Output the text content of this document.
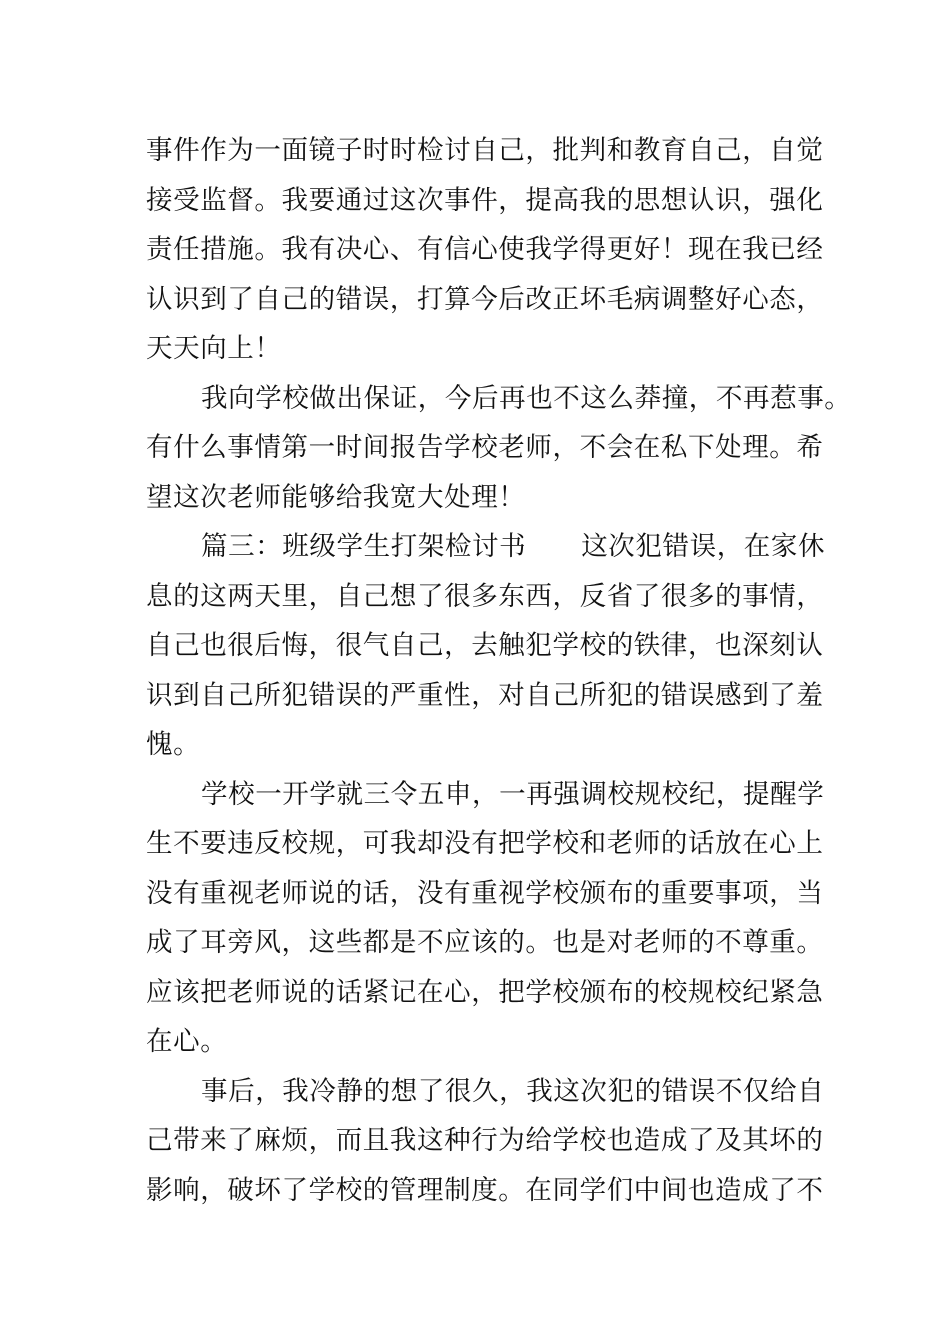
事件作为一面镜子时时检讨自己，批判和教育自己，自觉
接受监督。我要通过这次事件，提高我的思想认识，强化
责任措施。我有决心、有信心使我学得更好！现在我已经
认识到了自己的错误，打算今后改正坏毛病调整好心态，
天天向上！
我向学校做出保证，今后再也不这么莽撞，不再惹事。
有什么事情第一时间报告学校老师，不会在私下处理。希
望这次老师能够给我宽大处理！
篇三：班级学生打架检讨书 这次犯错误，在家休
息的这两天里，自己想了很多东西，反省了很多的事情，
自己也很后悔，很气自己，去触犯学校的铁律，也深刻认
识到自己所犯错误的严重性，对自己所犯的错误感到了羞
愧。
学校一开学就三令五申，一再强调校规校纪，提醒学
生不要违反校规，可我却没有把学校和老师的话放在心上
没有重视老师说的话，没有重视学校颁布的重要事项，当
成了耳旁风，这些都是不应该的。也是对老师的不尊重。
应该把老师说的话紧记在心，把学校颁布的校规校纪紧急
在心。
事后，我冷静的想了很久，我这次犯的错误不仅给自
己带来了麻烦，而且我这种行为给学校也造成了及其坏的
影响，破坏了学校的管理制度。在同学们中间也造成了不
